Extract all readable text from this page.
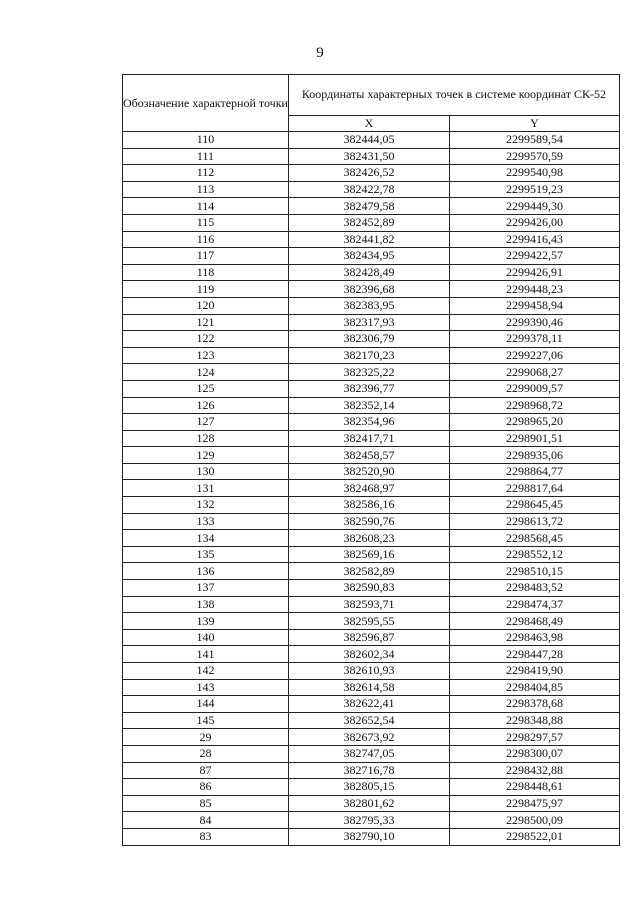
9
Обозначение характерной точки	Координаты характерных точек в системе координат СК-52	
	X	Y
110	382444,05	2299589,54
111	382431,50	2299570,59
112	382426,52	2299540,98
113	382422,78	2299519,23
114	382479,58	2299449,30
115	382452,89	2299426,00
116	382441,82	2299416,43
117	382434,95	2299422,57
118	382428,49	2299426,91
119	382396,68	2299448,23
120	382383,95	2299458,94
121	382317,93	2299390,46
122	382306,79	2299378,11
123	382170,23	2299227,06
124	382325,22	2299068,27
125	382396,77	2299009,57
126	382352,14	2298968,72
127	382354,96	2298965,20
128	382417,71	2298901,51
129	382458,57	2298935,06
130	382520,90	2298864,77
131	382468,97	2298817,64
132	382586,16	2298645,45
133	382590,76	2298613,72
134	382608,23	2298568,45
135	382569,16	2298552,12
136	382582,89	2298510,15
137	382590,83	2298483,52
138	382593,71	2298474,37
139	382595,55	2298468,49
140	382596,87	2298463,98
141	382602,34	2298447,28
142	382610,93	2298419,90
143	382614,58	2298404,85
144	382622,41	2298378,68
145	382652,54	2298348,88
29	382673,92	2298297,57
28	382747,05	2298300,07
87	382716,78	2298432,88
86	382805,15	2298448,61
85	382801,62	2298475,97
84	382795,33	2298500,09
83	382790,10	2298522,01
